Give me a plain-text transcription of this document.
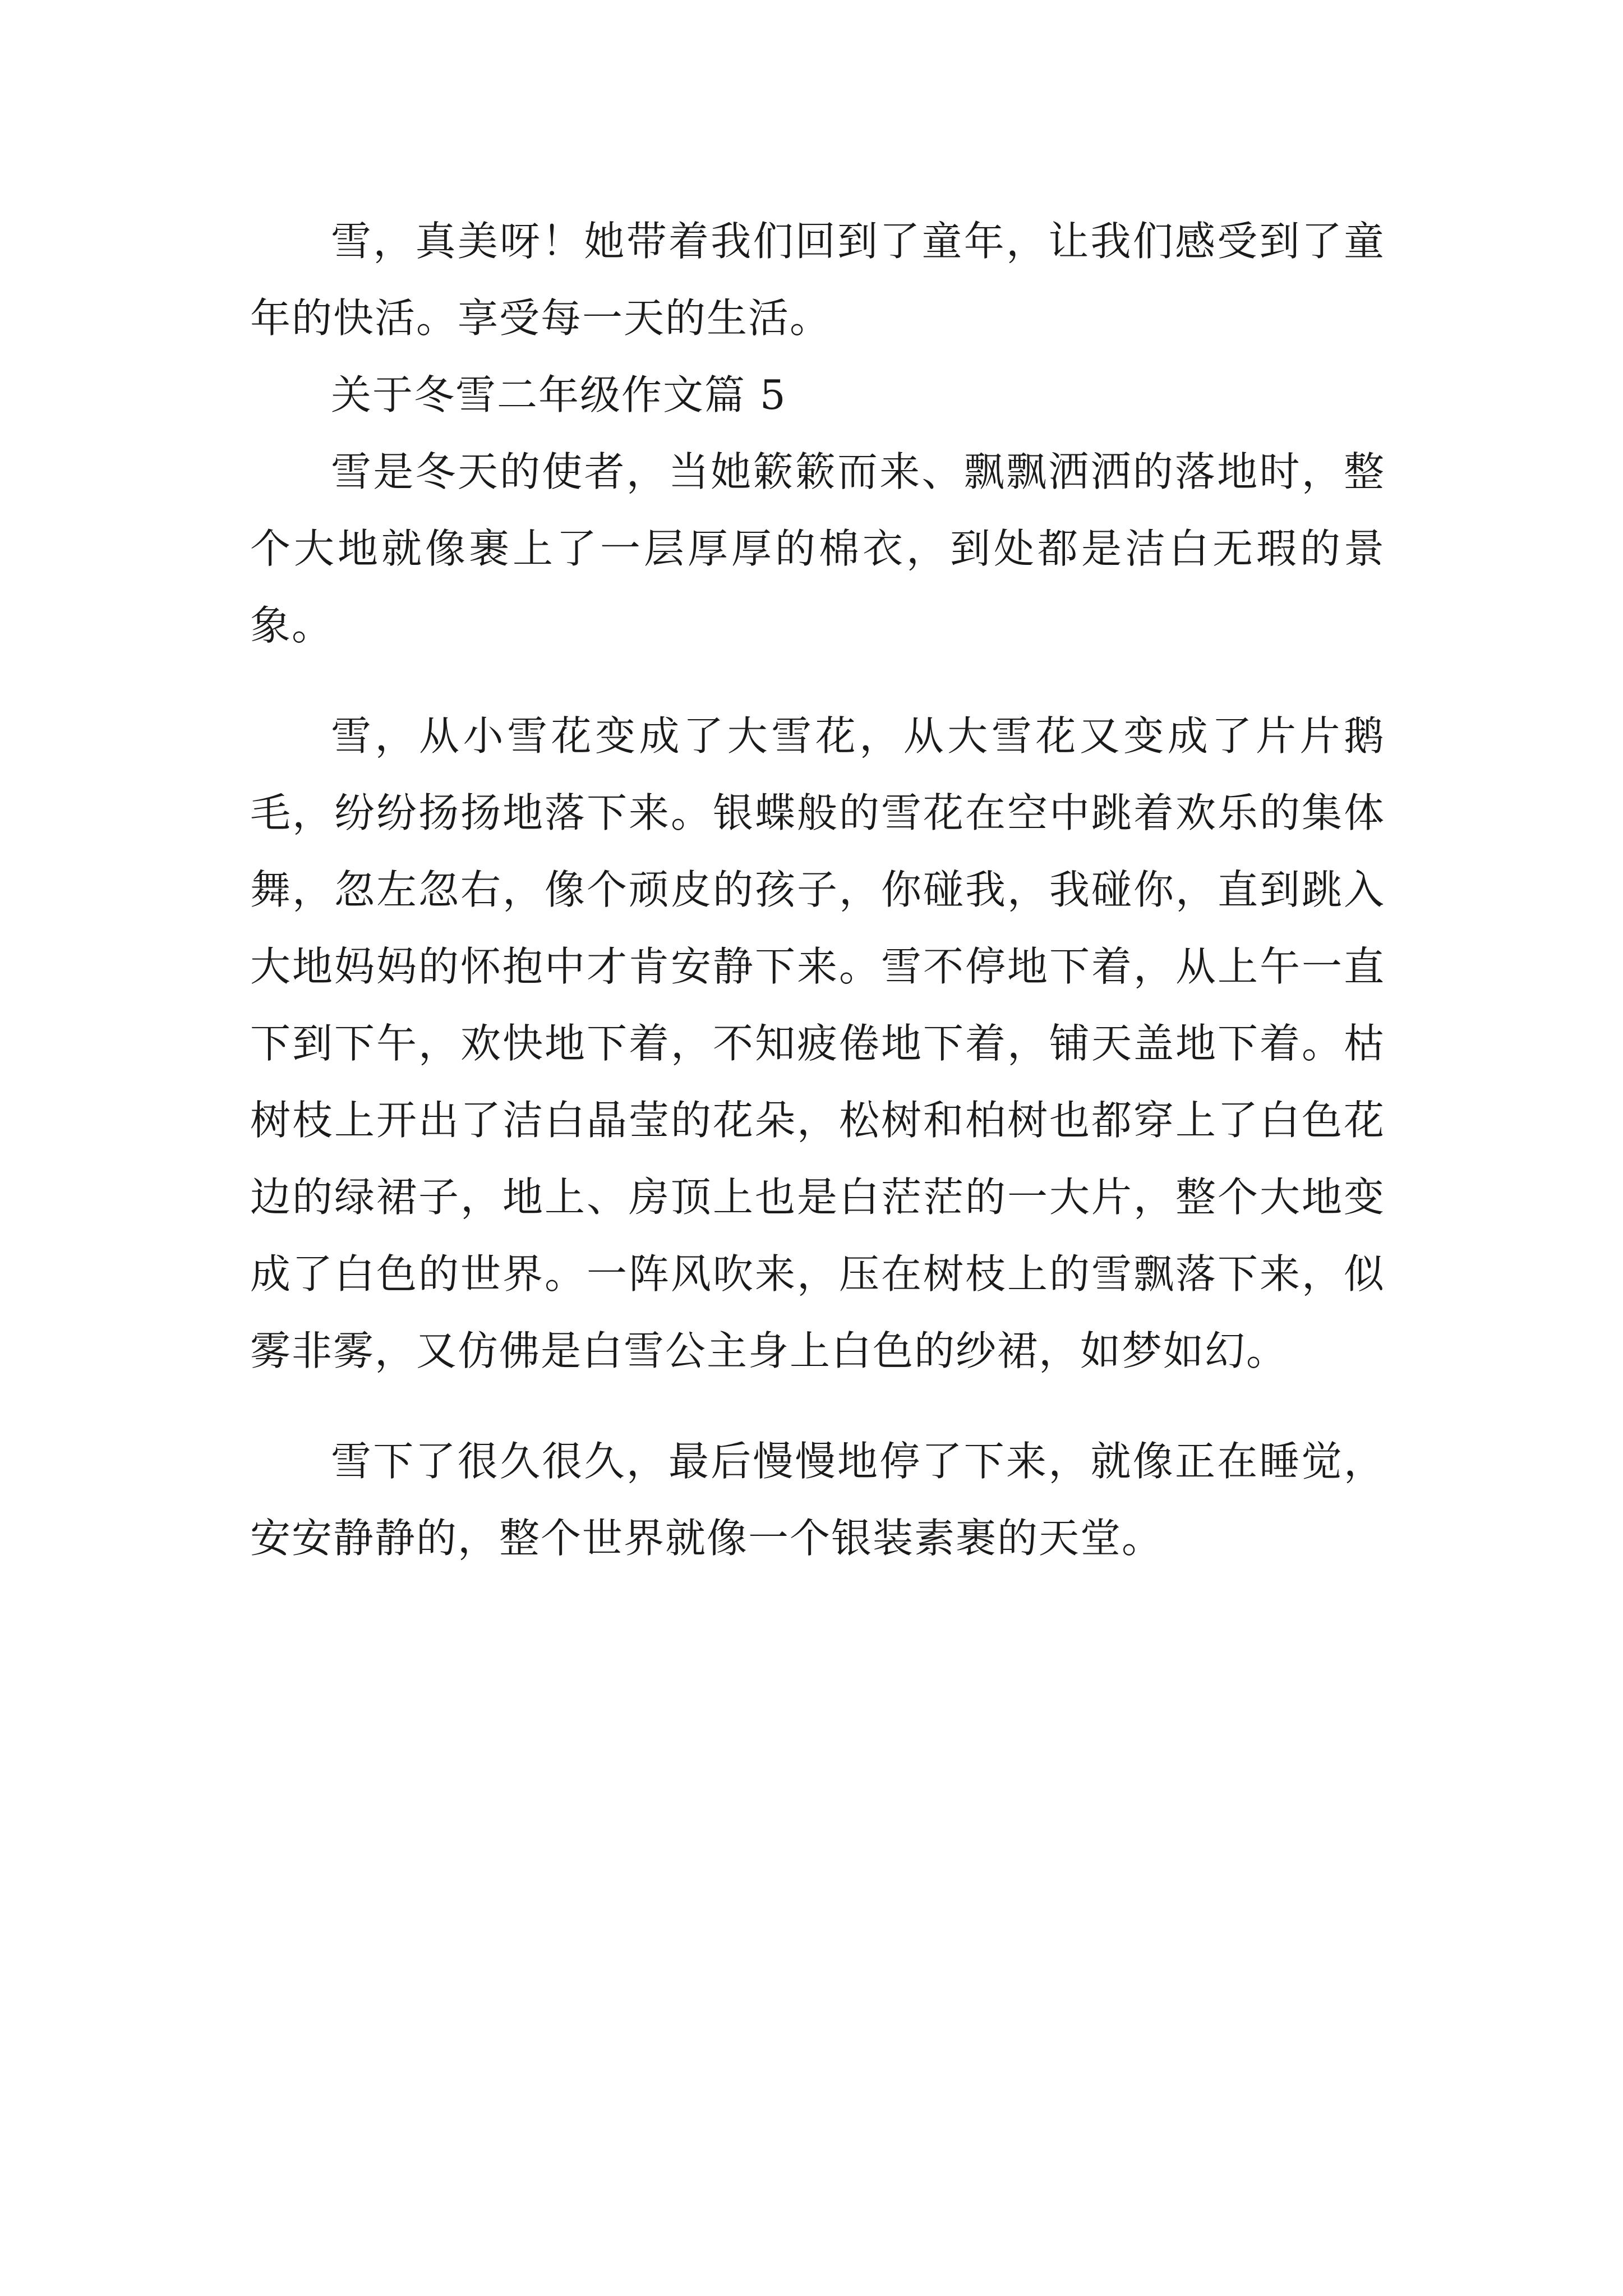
雪，真美呀！她带着我们回到了童年，让我们感受到了童年的快活。享受每一天的生活。

关于冬雪二年级作文篇 5

雪是冬天的使者，当她簌簌而来、飘飘洒洒的落地时，整个大地就像裹上了一层厚厚的棉衣，到处都是洁白无瑕的景象。

雪，从小雪花变成了大雪花，从大雪花又变成了片片鹅毛，纷纷扬扬地落下来。银蝶般的雪花在空中跳着欢乐的集体舞，忽左忽右，像个顽皮的孩子，你碰我，我碰你，直到跳入大地妈妈的怀抱中才肯安静下来。雪不停地下着，从上午一直下到下午，欢快地下着，不知疲倦地下着，铺天盖地下着。枯树枝上开出了洁白晶莹的花朵，松树和柏树也都穿上了白色花边的绿裙子，地上、房顶上也是白茫茫的一大片，整个大地变成了白色的世界。一阵风吹来，压在树枝上的雪飘落下来，似雾非雾，又仿佛是白雪公主身上白色的纱裙，如梦如幻。

雪下了很久很久，最后慢慢地停了下来，就像正在睡觉，安安静静的，整个世界就像一个银装素裹的天堂。
